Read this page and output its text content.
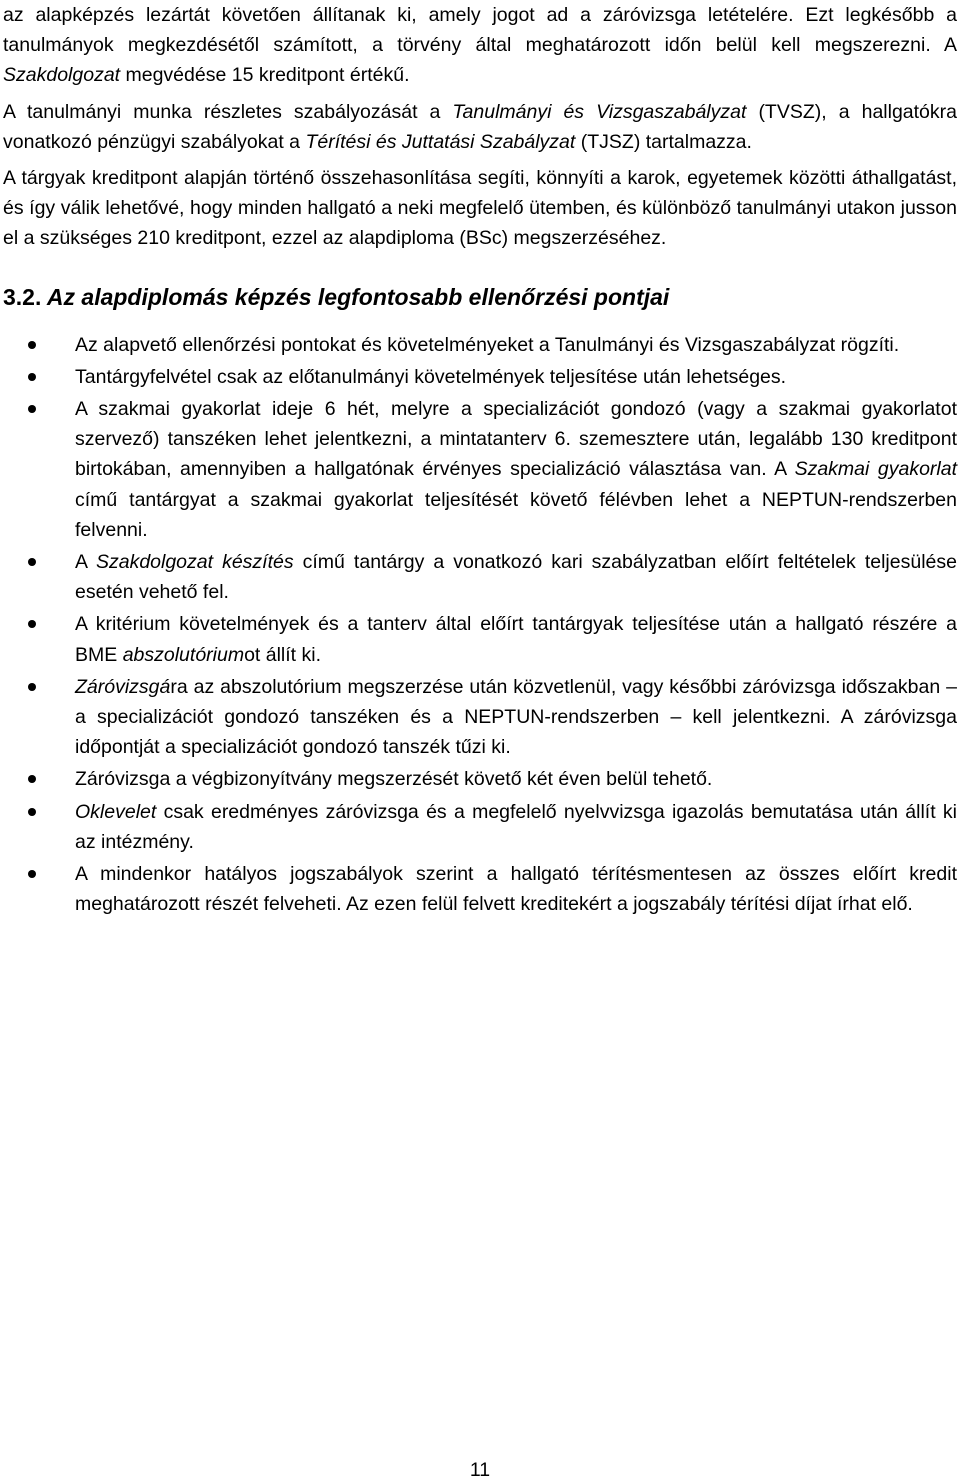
az alapképzés lezártát követően állítanak ki, amely jogot ad a záróvizsga letételére. Ezt legkésőbb a tanulmányok megkezdésétől számított, a törvény által meghatározott időn belül kell megszerezni. A Szakdolgozat megvédése 15 kreditpont értékű.

A tanulmányi munka részletes szabályozását a Tanulmányi és Vizsgaszabályzat (TVSZ), a hallgatókra vonatkozó pénzügyi szabályokat a Térítési és Juttatási Szabályzat (TJSZ) tartalmazza.

A tárgyak kreditpont alapján történő összehasonlítása segíti, könnyíti a karok, egyetemek közötti áthallgatást, és így válik lehetővé, hogy minden hallgató a neki megfelelő ütemben, és különböző tanulmányi utakon jusson el a szükséges 210 kreditpont, ezzel az alapdiploma (BSc) megszerzéséhez.

3.2. Az alapdiplomás képzés legfontosabb ellenőrzési pontjai
Az alapvető ellenőrzési pontokat és követelményeket a Tanulmányi és Vizsgaszabályzat rögzíti.
Tantárgyfelvétel csak az előtanulmányi követelmények teljesítése után lehetséges.
A szakmai gyakorlat ideje 6 hét, melyre a specializációt gondozó (vagy a szakmai gyakorlatot szervező) tanszéken lehet jelentkezni, a mintatanterv 6. szemesztere után, legalább 130 kreditpont birtokában, amennyiben a hallgatónak érvényes specializáció választása van. A Szakmai gyakorlat című tantárgyat a szakmai gyakorlat teljesítését követő félévben lehet a NEPTUN-rendszerben felvenni.
A Szakdolgozat készítés című tantárgy a vonatkozó kari szabályzatban előírt feltételek teljesülése esetén vehető fel.
A kritérium követelmények és a tanterv által előírt tantárgyak teljesítése után a hallgató részére a BME abszolutóriumot állít ki.
Záróvizsgára az abszolutórium megszerzése után közvetlenül, vagy későbbi záróvizsga időszakban – a specializációt gondozó tanszéken és a NEPTUN-rendszerben – kell jelentkezni. A záróvizsga időpontját a specializációt gondozó tanszék tűzi ki.
Záróvizsga a végbizonyítvány megszerzését követő két éven belül tehető.
Oklevelet csak eredményes záróvizsga és a megfelelő nyelvvizsga igazolás bemutatása után állít ki az intézmény.
A mindenkor hatályos jogszabályok szerint a hallgató térítésmentesen az összes előírt kredit meghatározott részét felveheti. Az ezen felül felvett kreditekért a jogszabály térítési díjat írhat elő.
11
